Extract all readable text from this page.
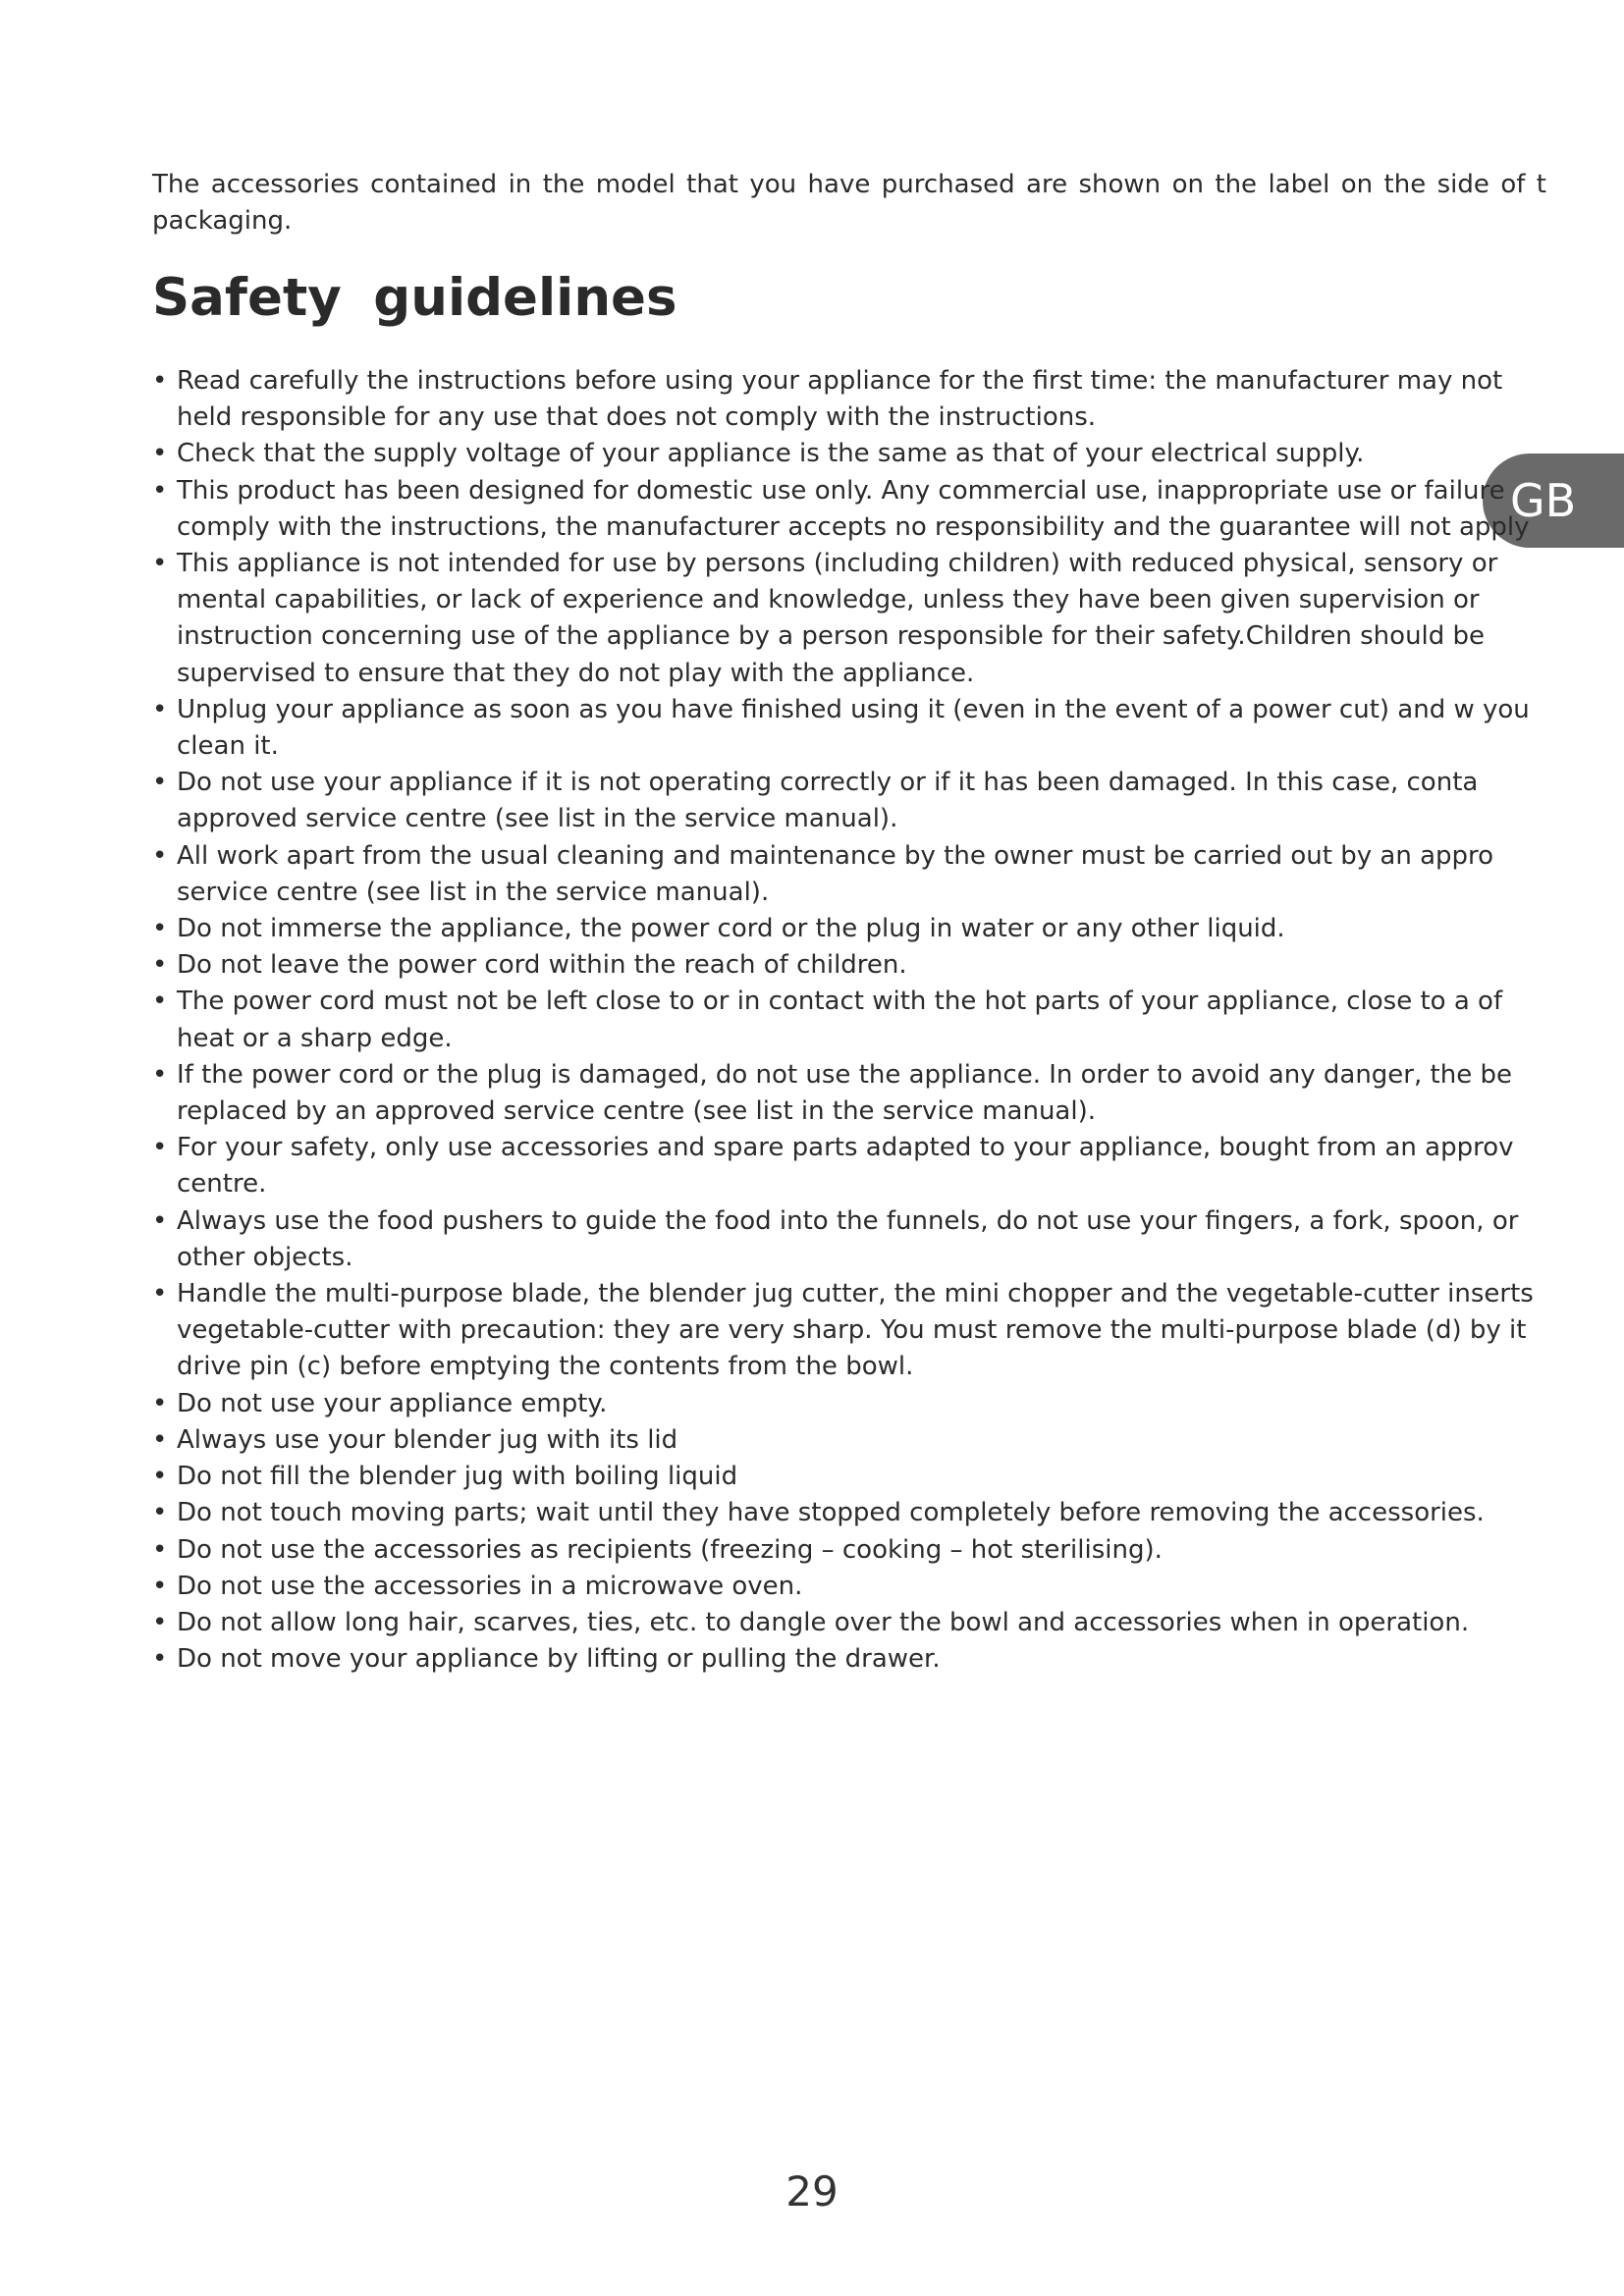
GB

The accessories contained in the model that you have purchased are shown on the label on the side of t packaging.

Safety guidelines
• Read carefully the instructions before using your appliance for the first time: the manufacturer may not held responsible for any use that does not comply with the instructions.
• Check that the supply voltage of your appliance is the same as that of your electrical supply.
• This product has been designed for domestic use only. Any commercial use, inappropriate use or failure comply with the instructions, the manufacturer accepts no responsibility and the guarantee will not apply
• This appliance is not intended for use by persons (including children) with reduced physical, sensory or mental capabilities, or lack of experience and knowledge, unless they have been given supervision or instruction concerning use of the appliance by a person responsible for their safety.Children should be supervised to ensure that they do not play with the appliance.
• Unplug your appliance as soon as you have finished using it (even in the event of a power cut) and w you clean it.
• Do not use your appliance if it is not operating correctly or if it has been damaged. In this case, conta approved service centre (see list in the service manual).
• All work apart from the usual cleaning and maintenance by the owner must be carried out by an appro service centre (see list in the service manual).
• Do not immerse the appliance, the power cord or the plug in water or any other liquid.
• Do not leave the power cord within the reach of children.
• The power cord must not be left close to or in contact with the hot parts of your appliance, close to a of heat or a sharp edge.
• If the power cord or the plug is damaged, do not use the appliance. In order to avoid any danger, the be replaced by an approved service centre (see list in the service manual).
• For your safety, only use accessories and spare parts adapted to your appliance, bought from an approv centre.
• Always use the food pushers to guide the food into the funnels, do not use your fingers, a fork, spoon, or other objects.
• Handle the multi-purpose blade, the blender jug cutter, the mini chopper and the vegetable-cutter inserts vegetable-cutter with precaution: they are very sharp. You must remove the multi-purpose blade (d) by it drive pin (c) before emptying the contents from the bowl.
• Do not use your appliance empty.
• Always use your blender jug with its lid
• Do not fill the blender jug with boiling liquid
• Do not touch moving parts; wait until they have stopped completely before removing the accessories.
• Do not use the accessories as recipients (freezing – cooking – hot sterilising).
• Do not use the accessories in a microwave oven.
• Do not allow long hair, scarves, ties, etc. to dangle over the bowl and accessories when in operation.
• Do not move your appliance by lifting or pulling the drawer.
29
